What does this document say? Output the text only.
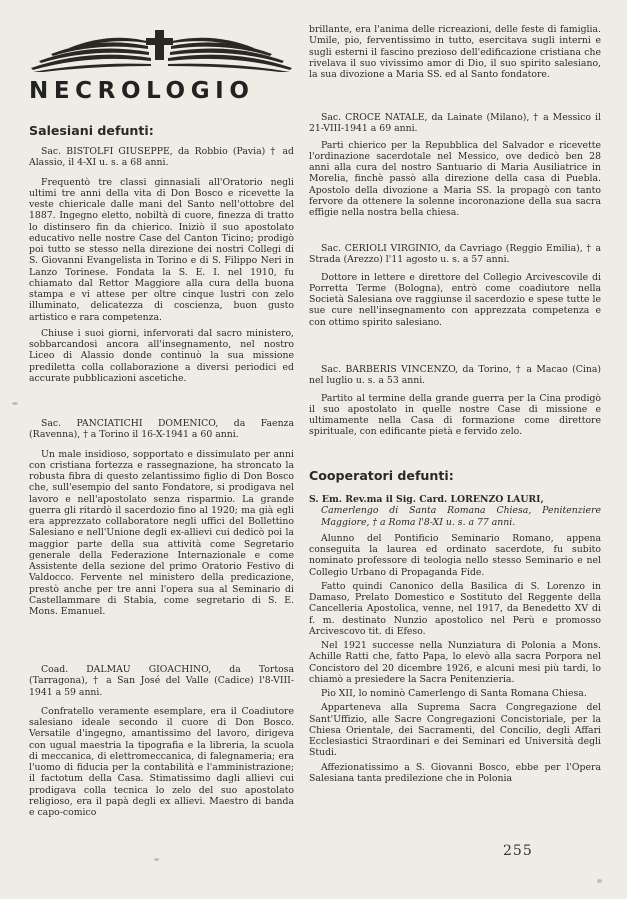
NECROLOGIO
Salesiani defunti:

Sac. BISTOLFI GIUSEPPE, da Robbio (Pavia) † ad Alassio, il 4-XI u. s. a 68 anni.

Frequentò tre classi ginnasiali all'Oratorio negli ultimi tre anni della vita di Don Bosco e ricevette la veste chiericale dalle mani del Santo nell'ottobre del 1887. Ingegno eletto, nobiltà di cuore, finezza di tratto lo distinsero fin da chierico. Iniziò il suo apostolato educativo nelle nostre Case del Canton Ticino; prodigò poi tutto se stesso nella direzione dei nostri Collegi di S. Giovanni Evangelista in Torino e di S. Filippo Neri in Lanzo Torinese. Fondata la S. E. I. nel 1910, fu chiamato dal Rettor Maggiore alla cura della buona stampa e vi attese per oltre cinque lustri con zelo illuminato, delicatezza di coscienza, buon gusto artistico e rara competenza.

Chiuse i suoi giorni, infervorati dal sacro ministero, sobbarcandosi ancora all'insegnamento, nel nostro Liceo di Alassio donde continuò la sua missione prediletta colla collaborazione a diversi periodici ed accurate pubblicazioni ascetiche.

Sac. PANCIATICHI DOMENICO, da Faenza (Ravenna), † a Torino il 16-X-1941 a 60 anni.

Un male insidioso, sopportato e dissimulato per anni con cristiana fortezza e rassegnazione, ha stroncato la robusta fibra di questo zelantissimo figlio di Don Bosco che, sull'esempio del santo Fondatore, si prodigava nel lavoro e nell'apostolato senza risparmio. La grande guerra gli ritardò il sacerdozio fino al 1920; ma già egli era apprezzato collaboratore negli uffici del Bollettino Salesiano e nell'Unione degli ex-allievi cui dedicò poi la maggior parte della sua attività come Segretario generale della Federazione Internazionale e come Assistente della sezione del primo Oratorio Festivo di Valdocco. Fervente nel ministero della predicazione, prestò anche per tre anni l'opera sua al Seminario di Castellammare di Stabia, come segretario di S. E. Mons. Emanuel.

Coad. DALMAU GIOACHINO, da Tortosa (Tarragona), † a San José del Valle (Cadice) l'8-VIII-1941 a 59 anni.

Confratello veramente esemplare, era il Coadiutore salesiano ideale secondo il cuore di Don Bosco. Versatile d'ingegno, amantissimo del lavoro, dirigeva con ugual maestria la tipografia e la libreria, la scuola di meccanica, di elettromeccanica, di falegnameria; era l'uomo di fiducia per la contabilità e l'amministrazione; il factotum della Casa. Stimatissimo dagli allievi cui prodigava colla tecnica lo zelo del suo apostolato religioso, era il papà degli ex allievi. Maestro di banda e capo-comico

brillante, era l'anima delle ricreazioni, delle feste di famiglia. Umile, pio, ferventissimo in tutto, esercitava sugli interni e sugli esterni il fascino prezioso dell'edificazione cristiana che rivelava il suo vivissimo amor di Dio, il suo spirito salesiano, la sua divozione a Maria SS. ed al Santo fondatore.

Sac. CROCE NATALE, da Lainate (Milano), † a Messico il 21-VIII-1941 a 69 anni.

Parti chierico per la Repubblica del Salvador e ricevette l'ordinazione sacerdotale nel Messico, ove dedicò ben 28 anni alla cura del nostro Santuario di Maria Ausiliatrice in Morelia, finchè passò alla direzione della casa di Puebla. Apostolo della divozione a Maria SS. la propagò con tanto fervore da ottenere la solenne incoronazione della sua sacra effigie nella nostra bella chiesa.

Sac. CERIOLI VIRGINIO, da Cavriago (Reggio Emilia), † a Strada (Arezzo) l'11 agosto u. s. a 57 anni.

Dottore in lettere e direttore del Collegio Arcivescovile di Porretta Terme (Bologna), entrò come coadiutore nella Società Salesiana ove raggiunse il sacerdozio e spese tutte le sue cure nell'insegnamento con apprezzata competenza e con ottimo spirito salesiano.

Sac. BARBERIS VINCENZO, da Torino, † a Macao (Cina) nel luglio u. s. a 53 anni.

Partito al termine della grande guerra per la Cina prodigò il suo apostolato in quelle nostre Case di missione e ultimamente nella Casa di formazione come direttore spirituale, con edificante pietà e fervido zelo.

Cooperatori defunti:

S. Em. Rev.ma il Sig. Card. LORENZO LAURI,

Camerlengo di Santa Romana Chiesa, Penitenziere Maggiore, † a Roma l'8-XI u. s. a 77 anni.

Alunno del Pontificio Seminario Romano, appena conseguita la laurea ed ordinato sacerdote, fu subito nominato professore di teologia nello stesso Seminario e nel Collegio Urbano di Propaganda Fide.

Fatto quindi Canonico della Basilica di S. Lorenzo in Damaso, Prelato Domestico e Sostituto del Reggente della Cancelleria Apostolica, venne, nel 1917, da Benedetto XV di f. m. destinato Nunzio apostolico nel Perù e promosso Arcivescovo tit. di Efeso.

Nel 1921 successe nella Nunziatura di Polonia a Mons. Achille Ratti che, fatto Papa, lo elevò alla sacra Porpora nel Concistoro del 20 dicembre 1926, e alcuni mesi più tardi, lo chiamò a presiedere la Sacra Penitenzieria.

Pio XII, lo nominò Camerlengo di Santa Romana Chiesa.

Apparteneva alla Suprema Sacra Congregazione del Sant'Uffizio, alle Sacre Congregazioni Concistoriale, per la Chiesa Orientale, dei Sacramenti, del Concilio, degli Affari Ecclesiastici Straordinari e dei Seminari ed Università degli Studi.

Affezionatissimo a S. Giovanni Bosco, ebbe per l'Opera Salesiana tanta predilezione che in Polonia

255
